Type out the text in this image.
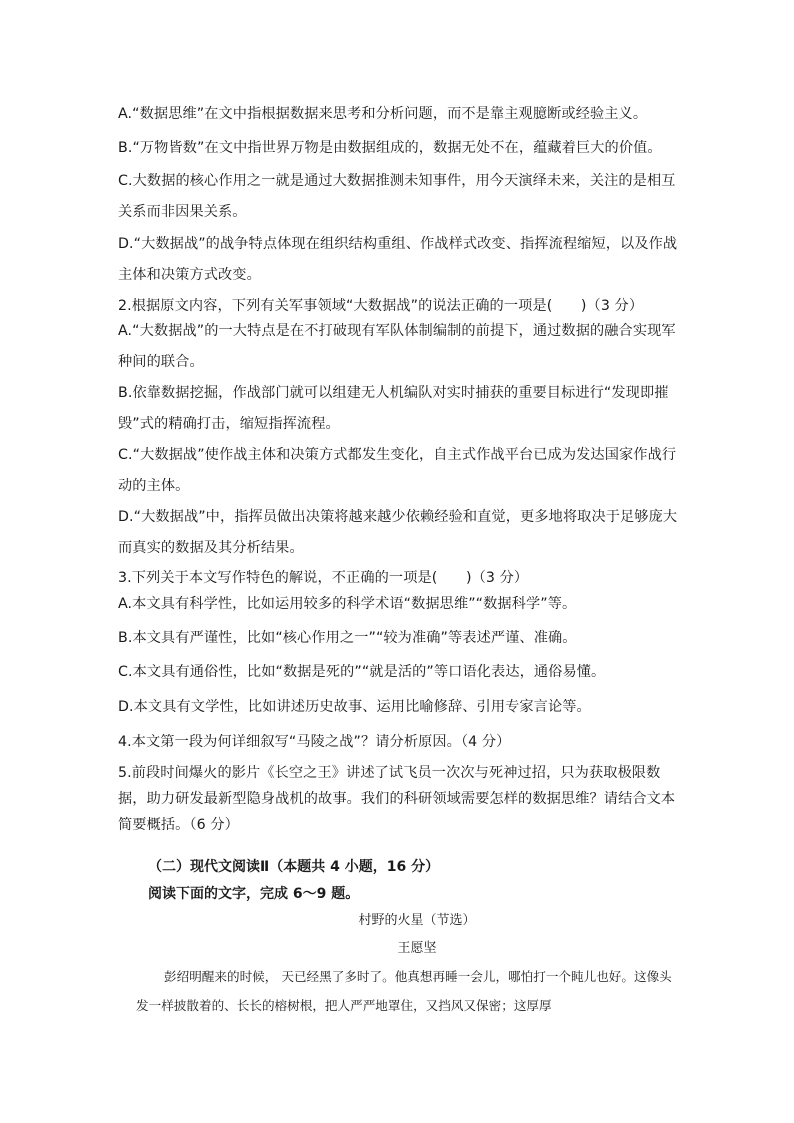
A.“数据思维”在文中指根据数据来思考和分析问题，而不是靠主观臆断或经验主义。

B.“万物皆数”在文中指世界万物是由数据组成的，数据无处不在，蕴藏着巨大的价值。

C.大数据的核心作用之一就是通过大数据推测未知事件，用今天演绎未来，关注的是相互关系而非因果关系。

D.“大数据战”的战争特点体现在组织结构重组、作战样式改变、指挥流程缩短，以及作战主体和决策方式改变。

2.根据原文内容，下列有关军事领域“大数据战”的说法正确的一项是(　　)（3 分）

A.“大数据战”的一大特点是在不打破现有军队体制编制的前提下，通过数据的融合实现军种间的联合。

B.依靠数据挖掘，作战部门就可以组建无人机编队对实时捕获的重要目标进行“发现即摧毁”式的精确打击，缩短指挥流程。

C.“大数据战”使作战主体和决策方式都发生变化，自主式作战平台已成为发达国家作战行动的主体。

D.“大数据战”中，指挥员做出决策将越来越少依赖经验和直觉，更多地将取决于足够庞大而真实的数据及其分析结果。

3.下列关于本文写作特色的解说，不正确的一项是(　　)（3 分）

A.本文具有科学性，比如运用较多的科学术语“数据思维”“数据科学”等。

B.本文具有严谨性，比如“核心作用之一”“较为准确”等表述严谨、准确。

C.本文具有通俗性，比如“数据是死的”“就是活的”等口语化表达，通俗易懂。

D.本文具有文学性，比如讲述历史故事、运用比喻修辞、引用专家言论等。

4.本文第一段为何详细叙写“马陵之战”？请分析原因。（4 分）

5.前段时间爆火的影片《长空之王》讲述了试飞员一次次与死神过招，只为获取极限数据，助力研发最新型隐身战机的故事。我们的科研领域需要怎样的数据思维？请结合文本简要概括。（6 分）

（二）现代文阅读Ⅱ（本题共 4 小题，16 分）
阅读下面的文字，完成 6～9 题。
村野的火星（节选）
王愿坚

彭绍明醒来的时候， 天已经黑了多时了。他真想再睡一会儿，哪怕打一个盹儿也好。这像头发一样披散着的、长长的榕树根，把人严严地罩住，又挡风又保密；这厚厚
